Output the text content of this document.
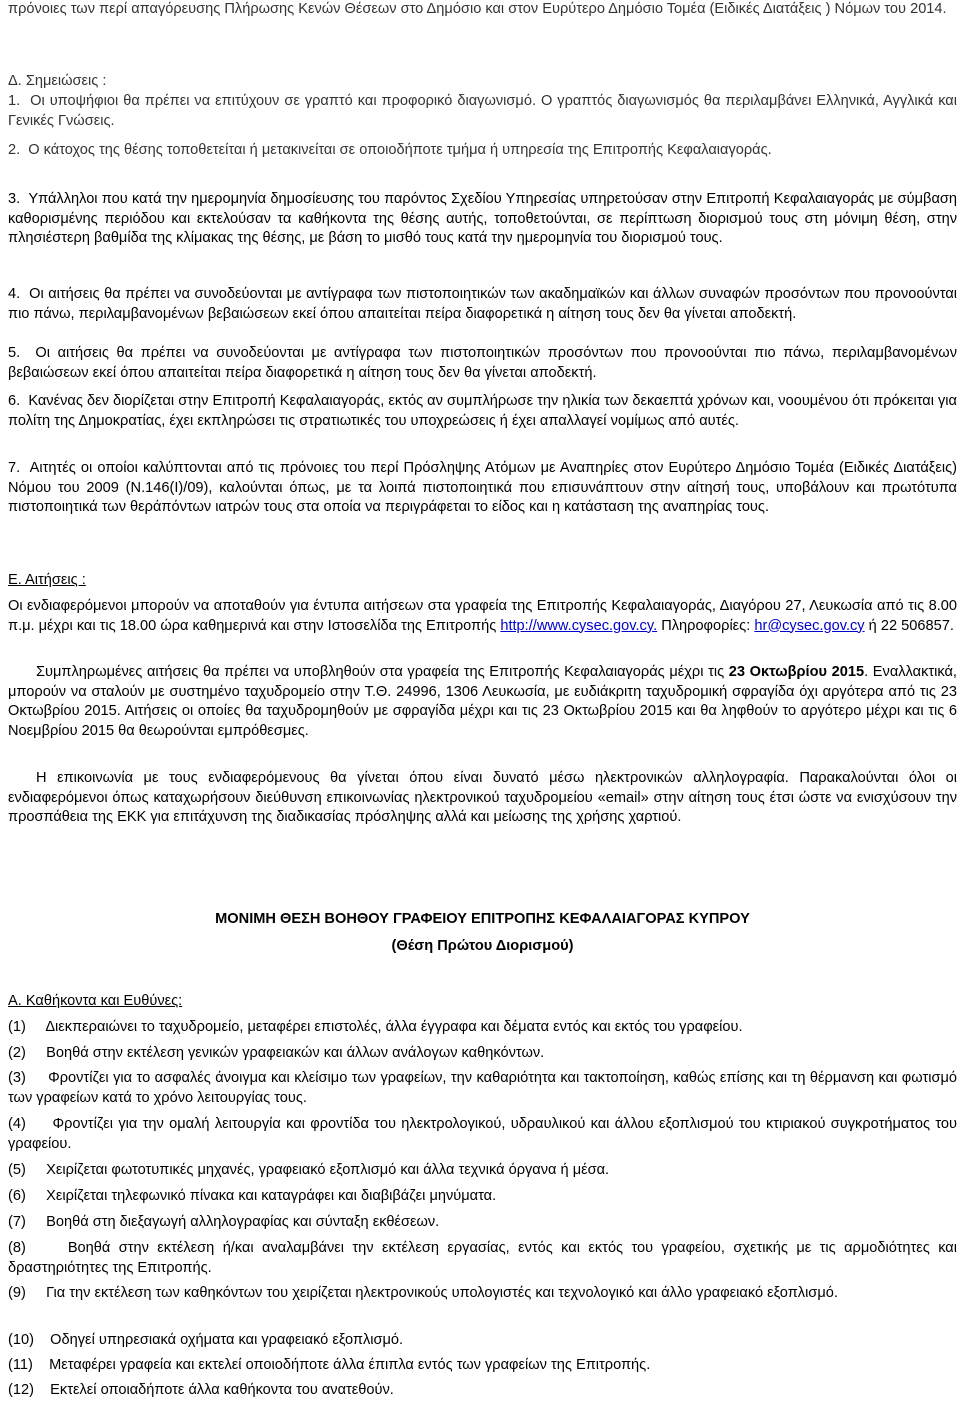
πρόνοιες των περί απαγόρευσης Πλήρωσης Κενών Θέσεων στο Δημόσιο και στον Ευρύτερο Δημόσιο Τομέα (Ειδικές Διατάξεις ) Νόμων του 2014.

Δ. Σημειώσεις :

1. Οι υποψήφιοι θα πρέπει να επιτύχουν σε γραπτό και προφορικό διαγωνισμό. Ο γραπτός διαγωνισμός θα περιλαμβάνει Ελληνικά, Αγγλικά και Γενικές Γνώσεις.

2. Ο κάτοχος της θέσης τοποθετείται ή μετακινείται σε οποιοδήποτε τμήμα ή υπηρεσία της Επιτροπής Κεφαλαιαγοράς.

3. Υπάλληλοι που κατά την ημερομηνία δημοσίευσης του παρόντος Σχεδίου Υπηρεσίας υπηρετούσαν στην Επιτροπή Κεφαλαιαγοράς με σύμβαση καθορισμένης περιόδου και εκτελούσαν τα καθήκοντα της θέσης αυτής, τοποθετούνται, σε περίπτωση διορισμού τους στη μόνιμη θέση, στην πλησιέστερη βαθμίδα της κλίμακας της θέσης, με βάση το μισθό τους κατά την ημερομηνία του διορισμού τους.

4. Οι αιτήσεις θα πρέπει να συνοδεύονται με αντίγραφα των πιστοποιητικών των ακαδημαϊκών και άλλων συναφών προσόντων που προνοούνται πιο πάνω, περιλαμβανομένων βεβαιώσεων εκεί όπου απαιτείται πείρα διαφορετικά η αίτηση τους δεν θα γίνεται αποδεκτή.

5. Οι αιτήσεις θα πρέπει να συνοδεύονται με αντίγραφα των πιστοποιητικών προσόντων που προνοούνται πιο πάνω, περιλαμβανομένων βεβαιώσεων εκεί όπου απαιτείται πείρα διαφορετικά η αίτηση τους δεν θα γίνεται αποδεκτή.

6. Κανένας δεν διορίζεται στην Επιτροπή Κεφαλαιαγοράς, εκτός αν συμπλήρωσε την ηλικία των δεκαεπτά χρόνων και, νοουμένου ότι πρόκειται για πολίτη της Δημοκρατίας, έχει εκπληρώσει τις στρατιωτικές του υποχρεώσεις ή έχει απαλλαγεί νομίμως από αυτές.

7. Αιτητές οι οποίοι καλύπτονται από τις πρόνοιες του περί Πρόσληψης Ατόμων με Αναπηρίες στον Ευρύτερο Δημόσιο Τομέα (Ειδικές Διατάξεις) Νόμου του 2009 (Ν.146(Ι)/09), καλούνται όπως, με τα λοιπά πιστοποιητικά που επισυνάπτουν στην αίτησή τους, υποβάλουν και πρωτότυπα πιστοποιητικά των θεράπόντων ιατρών τους στα οποία να περιγράφεται το είδος και η κατάσταση της αναπηρίας τους.

Ε. Αιτήσεις :

Οι ενδιαφερόμενοι μπορούν να αποταθούν για έντυπα αιτήσεων στα γραφεία της Επιτροπής Κεφαλαιαγοράς, Διαγόρου 27, Λευκωσία από τις 8.00 π.μ. μέχρι και τις 18.00 ώρα καθημερινά και στην Ιστοσελίδα της Επιτροπής http://www.cysec.gov.cy. Πληροφορίες: hr@cysec.gov.cy ή 22 506857.

Συμπληρωμένες αιτήσεις θα πρέπει να υποβληθούν στα γραφεία της Επιτροπής Κεφαλαιαγοράς μέχρι τις 23 Οκτωβρίου 2015. Εναλλακτικά, μπορούν να σταλούν με συστημένο ταχυδρομείο στην Τ.Θ. 24996, 1306 Λευκωσία, με ευδιάκριτη ταχυδρομική σφραγίδα όχι αργότερα από τις 23 Οκτωβρίου 2015. Αιτήσεις οι οποίες θα ταχυδρομηθούν με σφραγίδα μέχρι και τις 23 Οκτωβρίου 2015 και θα ληφθούν το αργότερο μέχρι και τις 6 Νοεμβρίου 2015 θα θεωρούνται εμπρόθεσμες.

Η επικοινωνία με τους ενδιαφερόμενους θα γίνεται όπου είναι δυνατό μέσω ηλεκτρονικών αλληλογραφία. Παρακαλούνται όλοι οι ενδιαφερόμενοι όπως καταχωρήσουν διεύθυνση επικοινωνίας ηλεκτρονικού ταχυδρομείου «email» στην αίτηση τους έτσι ώστε να ενισχύσουν την προσπάθεια της ΕΚΚ για επιτάχυνση της διαδικασίας πρόσληψης αλλά και μείωσης της χρήσης χαρτιού.

ΜΟΝΙΜΗ ΘΕΣΗ ΒΟΗΘΟΥ ΓΡΑΦΕΙΟΥ ΕΠΙΤΡΟΠΗΣ ΚΕΦΑΛΑΙΑΓΟΡΑΣ ΚΥΠΡΟΥ

(Θέση Πρώτου Διορισμού)

Α. Καθήκοντα και Ευθύνες:

(1) Διεκπεραιώνει το ταχυδρομείο, μεταφέρει επιστολές, άλλα έγγραφα και δέματα εντός και εκτός του γραφείου.

(2) Βοηθά στην εκτέλεση γενικών γραφειακών και άλλων ανάλογων καθηκόντων.

(3) Φροντίζει για το ασφαλές άνοιγμα και κλείσιμο των γραφείων, την καθαριότητα και τακτοποίηση, καθώς επίσης και τη θέρμανση και φωτισμό των γραφείων κατά το χρόνο λειτουργίας τους.

(4) Φροντίζει για την ομαλή λειτουργία και φροντίδα του ηλεκτρολογικού, υδραυλικού και άλλου εξοπλισμού του κτιριακού συγκροτήματος του γραφείου.

(5) Χειρίζεται φωτοτυπικές μηχανές, γραφειακό εξοπλισμό και άλλα τεχνικά όργανα ή μέσα.

(6) Χειρίζεται τηλεφωνικό πίνακα και καταγράφει και διαβιβάζει μηνύματα.

(7) Βοηθά στη διεξαγωγή αλληλογραφίας και σύνταξη εκθέσεων.

(8)	Βοηθά στην εκτέλεση ή/και αναλαμβάνει την εκτέλεση εργασίας, εντός και εκτός του γραφείου, σχετικής με τις αρμοδιότητες και δραστηριότητες της Επιτροπής.

(9) Για την εκτέλεση των καθηκόντων του χειρίζεται ηλεκτρονικούς υπολογιστές και τεχνολογικό και άλλο γραφειακό εξοπλισμό.

(10) Οδηγεί υπηρεσιακά οχήματα και γραφειακό εξοπλισμό.

(11) Μεταφέρει γραφεία και εκτελεί οποιοδήποτε άλλα έπιπλα εντός των γραφείων της Επιτροπής.

(12) Εκτελεί οποιαδήποτε άλλα καθήκοντα του ανατεθούν.
